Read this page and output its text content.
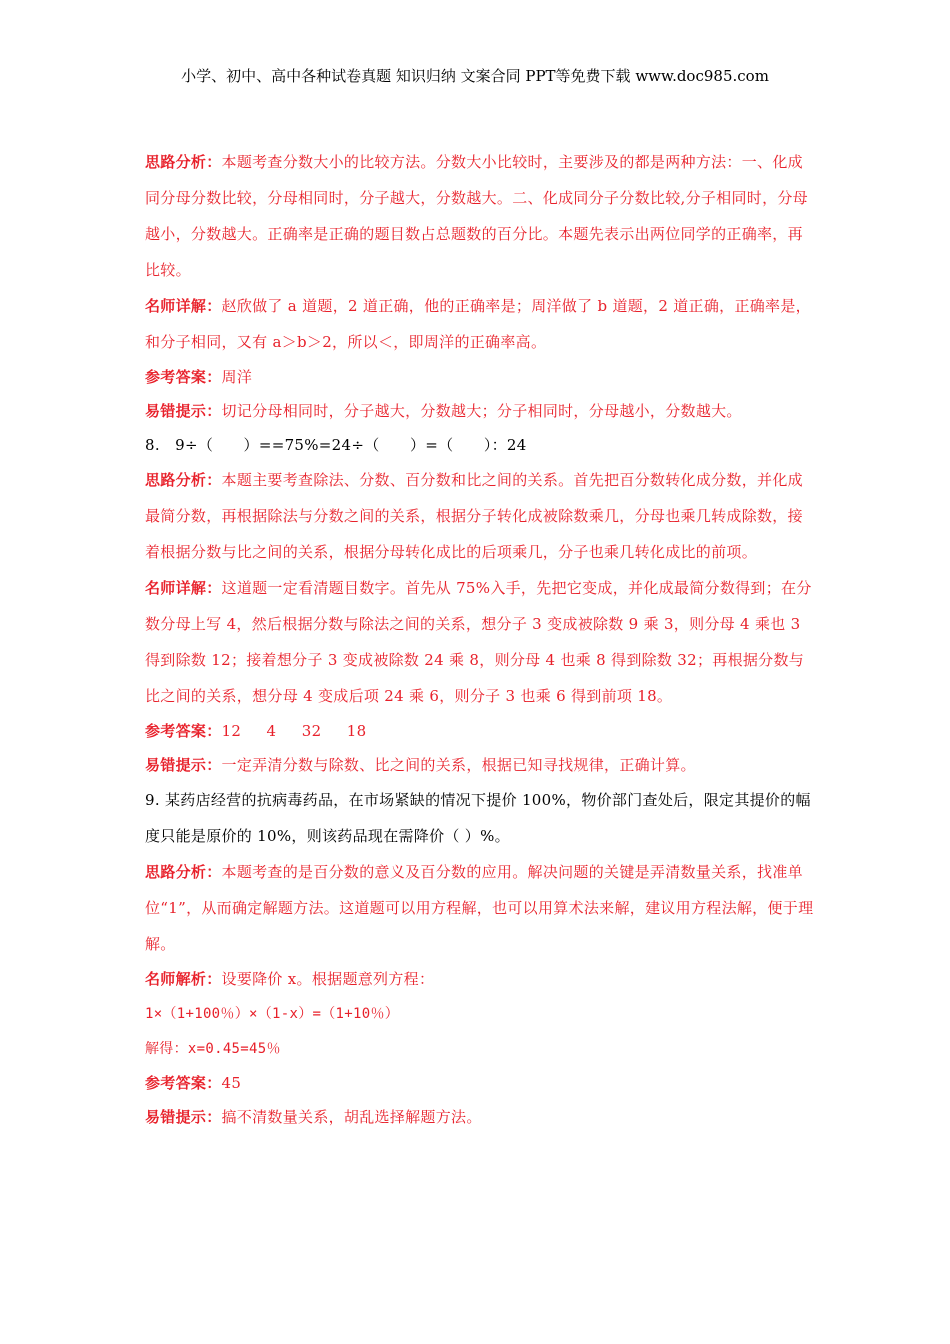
小学、初中、高中各种试卷真题 知识归纳 文案合同 PPT等免费下载 www.doc985.com

思路分析：本题考查分数大小的比较方法。分数大小比较时，主要涉及的都是两种方法：一、化成同分母分数比较，分母相同时，分子越大，分数越大。二、化成同分子分数比较,分子相同时，分母越小，分数越大。正确率是正确的题目数占总题数的百分比。本题先表示出两位同学的正确率，再比较。

名师详解：赵欣做了 a 道题，2 道正确，他的正确率是；周洋做了 b 道题，2 道正确，正确率是，和分子相同，又有 a＞b＞2，所以＜，即周洋的正确率高。

参考答案：周洋

易错提示：切记分母相同时，分子越大，分数越大；分子相同时，分母越小，分数越大。

8.   9÷（      ）==75%=24÷（      ）=（      ）：24

思路分析：本题主要考查除法、分数、百分数和比之间的关系。首先把百分数转化成分数，并化成最简分数，再根据除法与分数之间的关系，根据分子转化成被除数乘几，分母也乘几转成除数，接着根据分数与比之间的关系，根据分母转化成比的后项乘几，分子也乘几转化成比的前项。

名师详解：这道题一定看清题目数字。首先从 75%入手，先把它变成，并化成最简分数得到；在分数分母上写 4，然后根据分数与除法之间的关系，想分子 3 变成被除数 9 乘 3，则分母 4 乘也 3 得到除数 12；接着想分子 3 变成被除数 24 乘 8，则分母 4 也乘 8 得到除数 32；再根据分数与比之间的关系，想分母 4 变成后项 24 乘 6，则分子 3 也乘 6 得到前项 18。

参考答案：12     4     32     18

易错提示：一定弄清分数与除数、比之间的关系，根据已知寻找规律，正确计算。

9. 某药店经营的抗病毒药品，在市场紧缺的情况下提价 100%，物价部门查处后，限定其提价的幅度只能是原价的 10%，则该药品现在需降价（ ）%。

思路分析：本题考查的是百分数的意义及百分数的应用。解决问题的关键是弄清数量关系，找准单位“1”，从而确定解题方法。这道题可以用方程解，也可以用算术法来解，建议用方程法解，便于理解。

名师解析：设要降价 x。根据题意列方程：

1×（1+100％）×（1-x）=（1+10％）

解得：x=0.45=45％

参考答案：45

易错提示：搞不清数量关系，胡乱选择解题方法。
